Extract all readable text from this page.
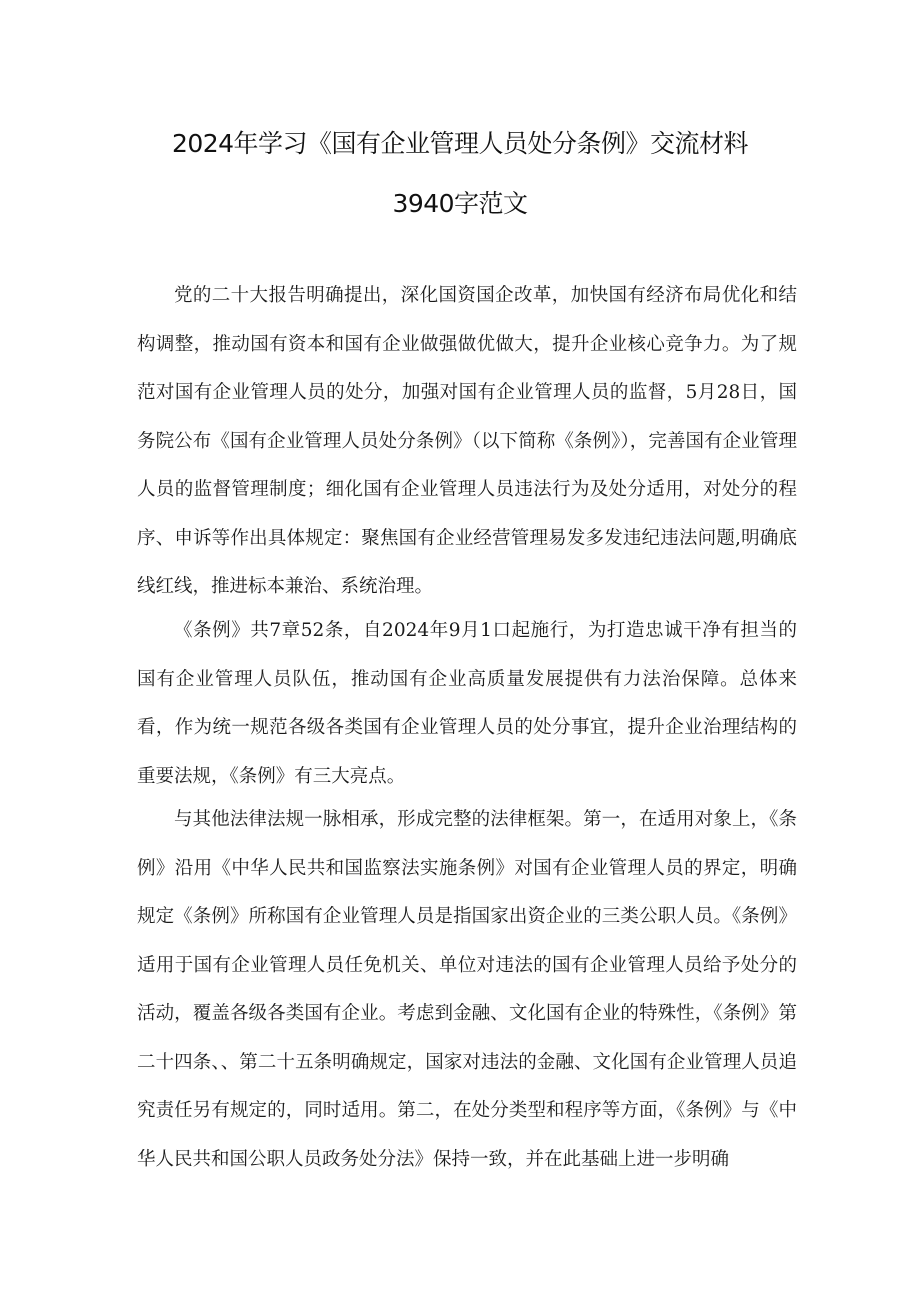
2024年学习《国有企业管理人员处分条例》交流材料
3940字范文

党的二十大报告明确提出，深化国资国企改革，加快国有经济布局优化和结构调整，推动国有资本和国有企业做强做优做大，提升企业核心竞争力。为了规范对国有企业管理人员的处分，加强对国有企业管理人员的监督，5月28日，国务院公布《国有企业管理人员处分条例》（以下简称《条例》），完善国有企业管理人员的监督管理制度；细化国有企业管理人员违法行为及处分适用，对处分的程序、申诉等作出具体规定：聚焦国有企业经营管理易发多发违纪违法问题,明确底线红线，推进标本兼治、系统治理。

《条例》共7章52条，自2024年9月1口起施行，为打造忠诚干净有担当的国有企业管理人员队伍，推动国有企业高质量发展提供有力法治保障。总体来看，作为统一规范各级各类国有企业管理人员的处分事宜，提升企业治理结构的重要法规，《条例》有三大亮点。

与其他法律法规一脉相承，形成完整的法律框架。第一，在适用对象上，《条例》沿用《中华人民共和国监察法实施条例》对国有企业管理人员的界定，明确规定《条例》所称国有企业管理人员是指国家出资企业的三类公职人员。《条例》适用于国有企业管理人员任免机关、单位对违法的国有企业管理人员给予处分的活动，覆盖各级各类国有企业。考虑到金融、文化国有企业的特殊性，《条例》第二十四条、、第二十五条明确规定，国家对违法的金融、文化国有企业管理人员追究责任另有规定的，同时适用。第二，在处分类型和程序等方面，《条例》与《中华人民共和国公职人员政务处分法》保持一致，并在此基础上进一步明确
